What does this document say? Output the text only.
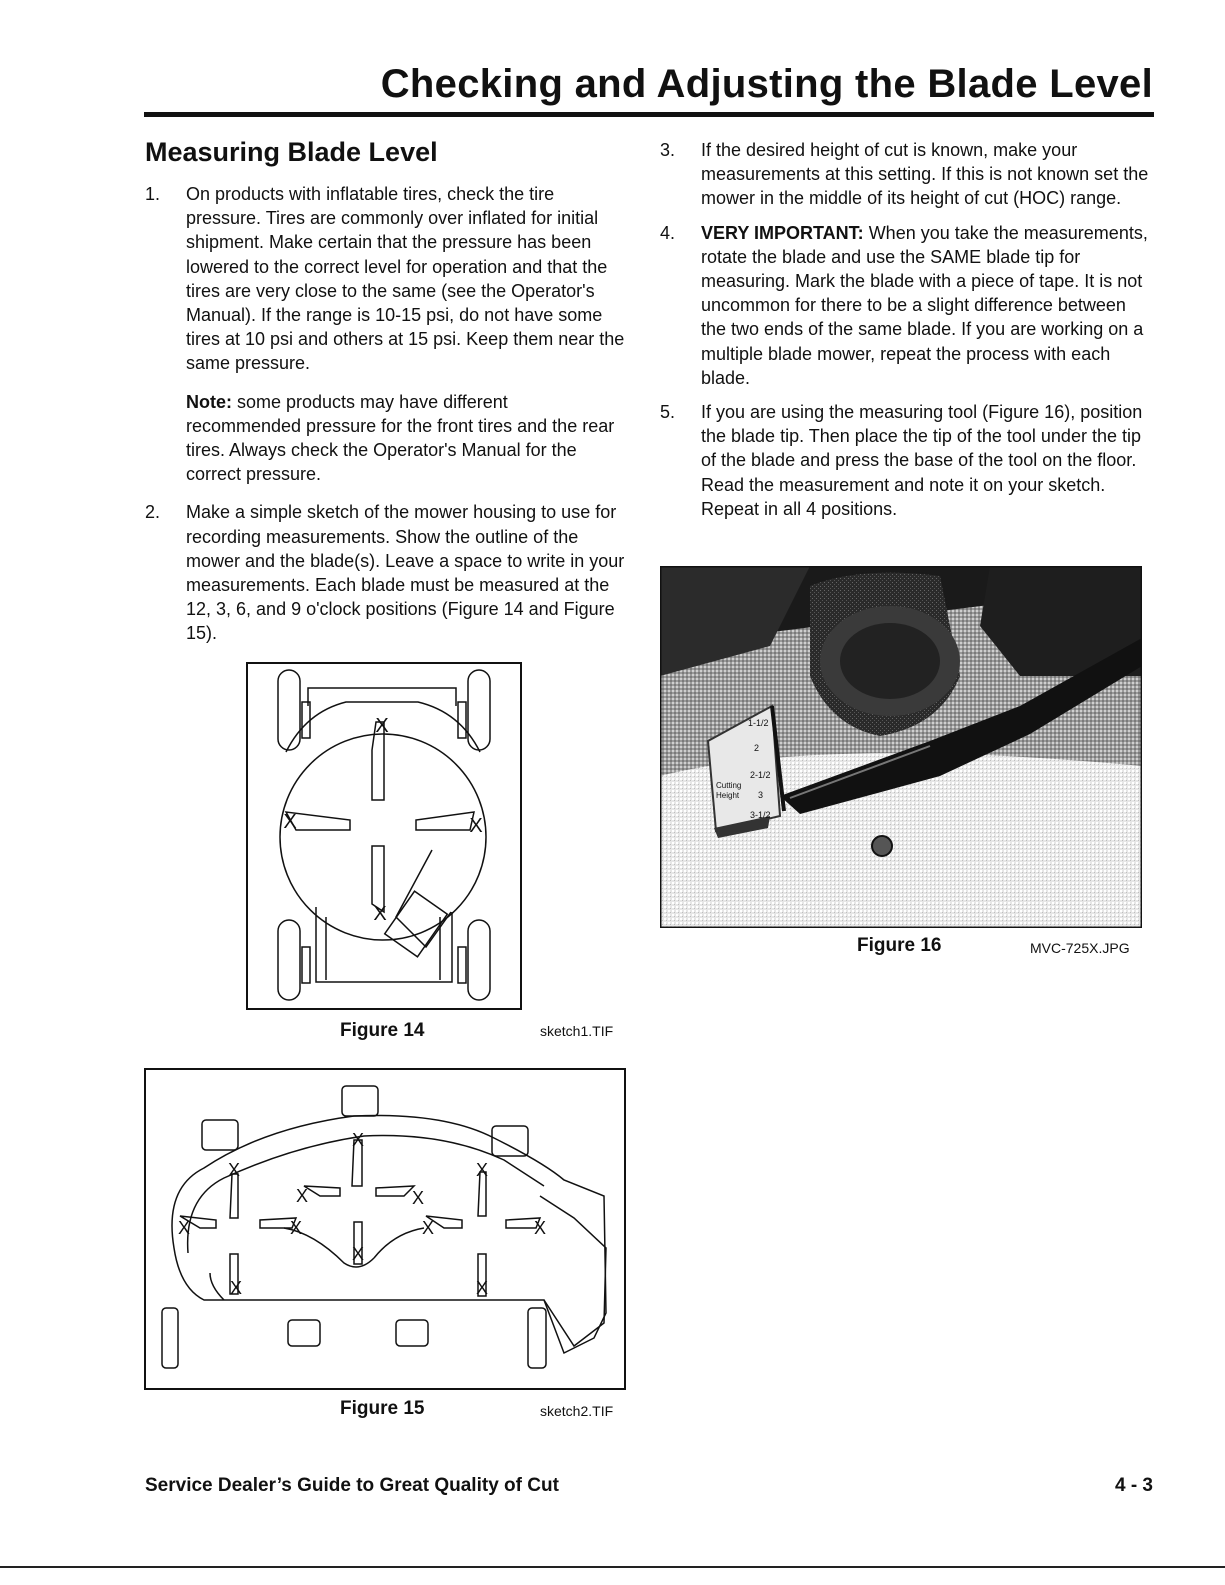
Checking and Adjusting the Blade Level
Measuring Blade Level
1. On products with inflatable tires, check the tire pressure. Tires are commonly over inflated for initial shipment. Make certain that the pressure has been lowered to the correct level for operation and that the tires are very close to the same (see the Operator's Manual). If the range is 10-15 psi, do not have some tires at 10 psi and others at 15 psi. Keep them near the same pressure.
Note: some products may have different recommended pressure for the front tires and the rear tires. Always check the Operator's Manual for the correct pressure.
2. Make a simple sketch of the mower housing to use for recording measurements. Show the outline of the mower and the blade(s). Leave a space to write in your measurements. Each blade must be measured at the 12, 3, 6, and 9 o'clock positions (Figure 14 and Figure 15).
3. If the desired height of cut is known, make your measurements at this setting. If this is not known set the mower in the middle of its height of cut (HOC) range.
4. VERY IMPORTANT: When you take the measurements, rotate the blade and use the SAME blade tip for measuring. Mark the blade with a piece of tape. It is not uncommon for there to be a slight difference between the two ends of the same blade. If you are working on a multiple blade mower, repeat the process with each blade.
5. If you are using the measuring tool (Figure 16), position the blade tip. Then place the tip of the tool under the tip of the blade and press the base of the tool on the floor. Read the measurement and note it on your sketch. Repeat in all 4 positions.
X
X	X
X
Figure 14	sketch1.TIF
X
X	X
X
X
X	X
X
X
X	X
X
Figure 15	sketch2.TIF
1-1/2
2
2-1/2
3
3-1/2
Cutting
Height
Figure 16	MVC-725X.JPG
Service Dealer’s Guide to Great Quality of Cut	4 - 3
